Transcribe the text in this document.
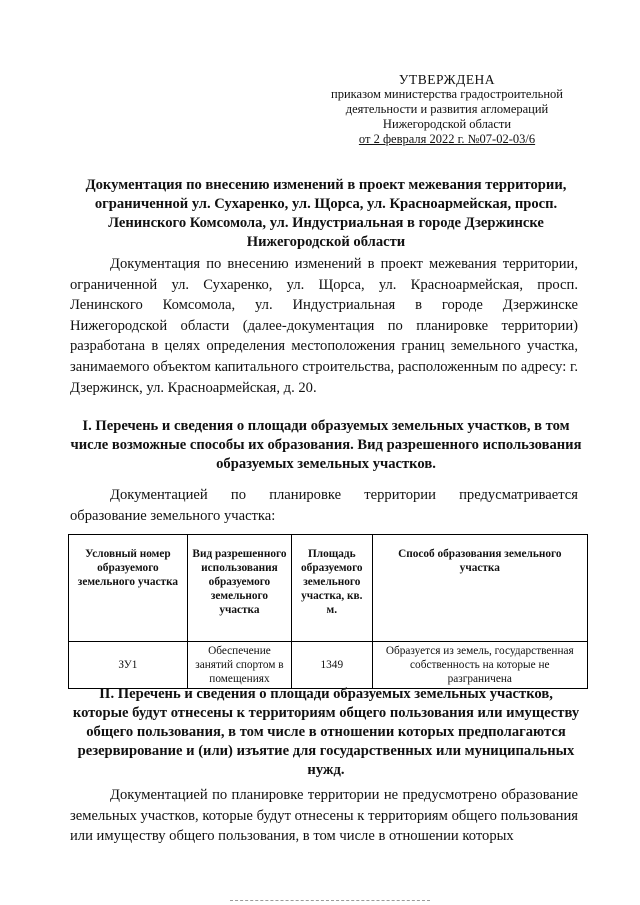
УТВЕРЖДЕНА
приказом министерства градостроительной
деятельности и развития агломераций
Нижегородской области
от 2 февраля 2022 г. №07-02-03/6
Документация по внесению изменений в проект межевания территории, ограниченной ул. Сухаренко, ул. Щорса, ул. Красноармейская, просп. Ленинского Комсомола, ул. Индустриальная в городе Дзержинске Нижегородской области

Документация по внесению изменений в проект межевания территории, ограниченной ул. Сухаренко, ул. Щорса, ул. Красноармейская, просп. Ленинского Комсомола, ул. Индустриальная в городе Дзержинске Нижегородской области (далее-документация по планировке территории) разработана в целях определения местоположения границ земельного участка, занимаемого объектом капитального строительства, расположенным по адресу: г. Дзержинск, ул. Красноармейская, д. 20.

I. Перечень и сведения о площади образуемых земельных участков, в том числе возможные способы их образования. Вид разрешенного использования образуемых земельных участков.

Документацией по планировке территории предусматривается образование земельного участка:

Условный номер образуемого земельного участка	Вид разрешенного использования образуемого земельного участка	Площадь образуемого земельного участка, кв. м.	Способ образования земельного участка
ЗУ1	Обеспечение занятий спортом в помещениях	1349	Образуется из земель, государственная собственность на которые не разграничена
II. Перечень и сведения о площади образуемых земельных участков, которые будут отнесены к территориям общего пользования или имуществу общего пользования, в том числе в отношении которых предполагаются резервирование и (или) изъятие для государственных или муниципальных нужд.

Документацией по планировке территории не предусмотрено образование земельных участков, которые будут отнесены к территориям общего пользования или имуществу общего пользования, в том числе в отношении которых
